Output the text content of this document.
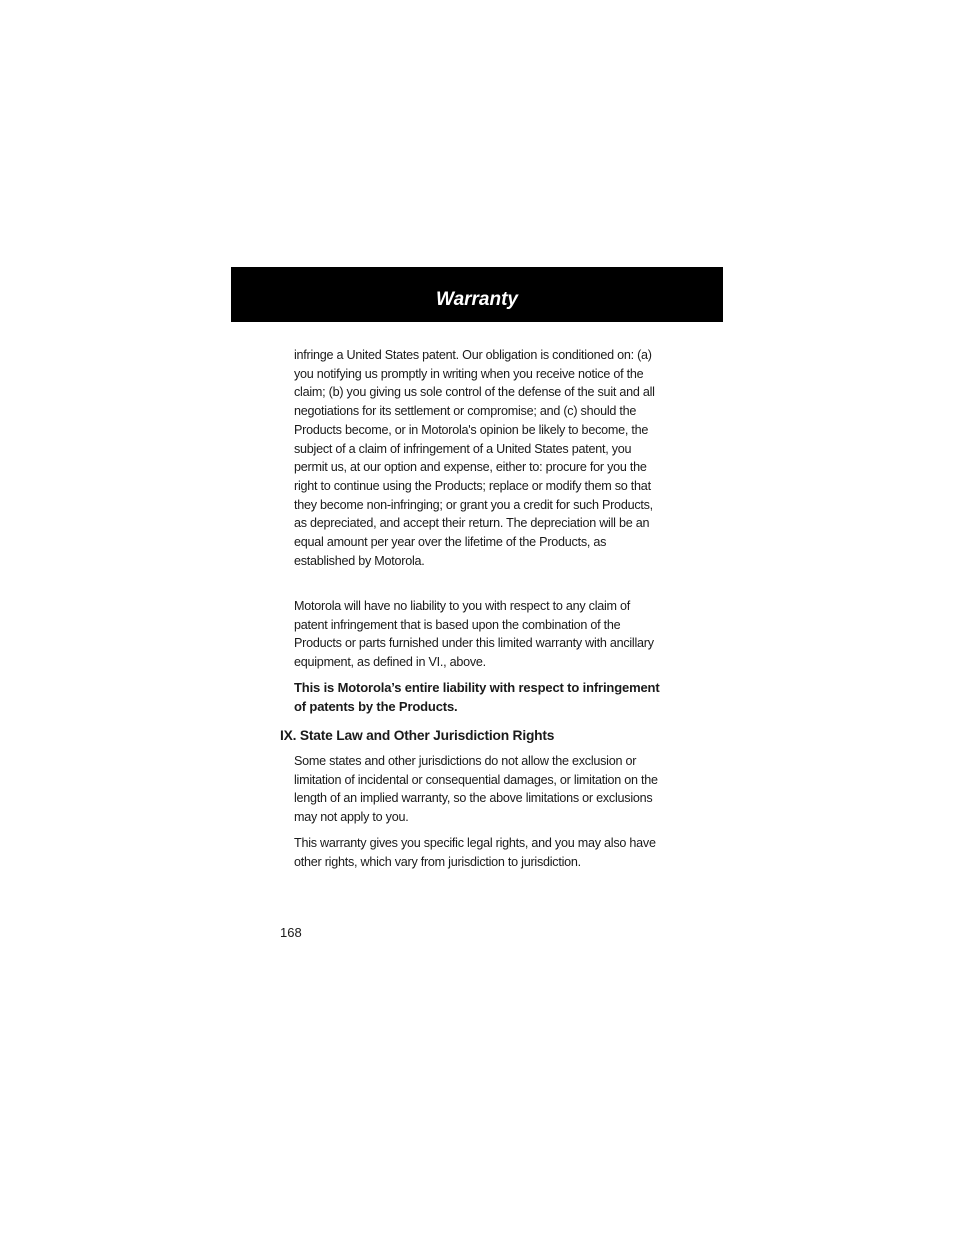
Warranty

infringe a United States patent. Our obligation is conditioned on: (a) you notifying us promptly in writing when you receive notice of the claim; (b) you giving us sole control of the defense of the suit and all negotiations for its settlement or compromise; and (c) should the Products become, or in Motorola's opinion be likely to become, the subject of a claim of infringement of a United States patent, you permit us, at our option and expense, either to: procure for you the right to continue using the Products; replace or modify them so that they become non-infringing; or grant you a credit for such Products, as depreciated, and accept their return. The depreciation will be an equal amount per year over the lifetime of the Products, as established by Motorola.

Motorola will have no liability to you with respect to any claim of patent infringement that is based upon the combination of the Products or parts furnished under this limited warranty with ancillary equipment, as defined in VI., above.

This is Motorola’s entire liability with respect to infringement of patents by the Products.

IX. State Law and Other Jurisdiction Rights

Some states and other jurisdictions do not allow the exclusion or limitation of incidental or consequential damages, or limitation on the length of an implied warranty, so the above limitations or exclusions may not apply to you.

This warranty gives you specific legal rights, and you may also have other rights, which vary from jurisdiction to jurisdiction.

168
